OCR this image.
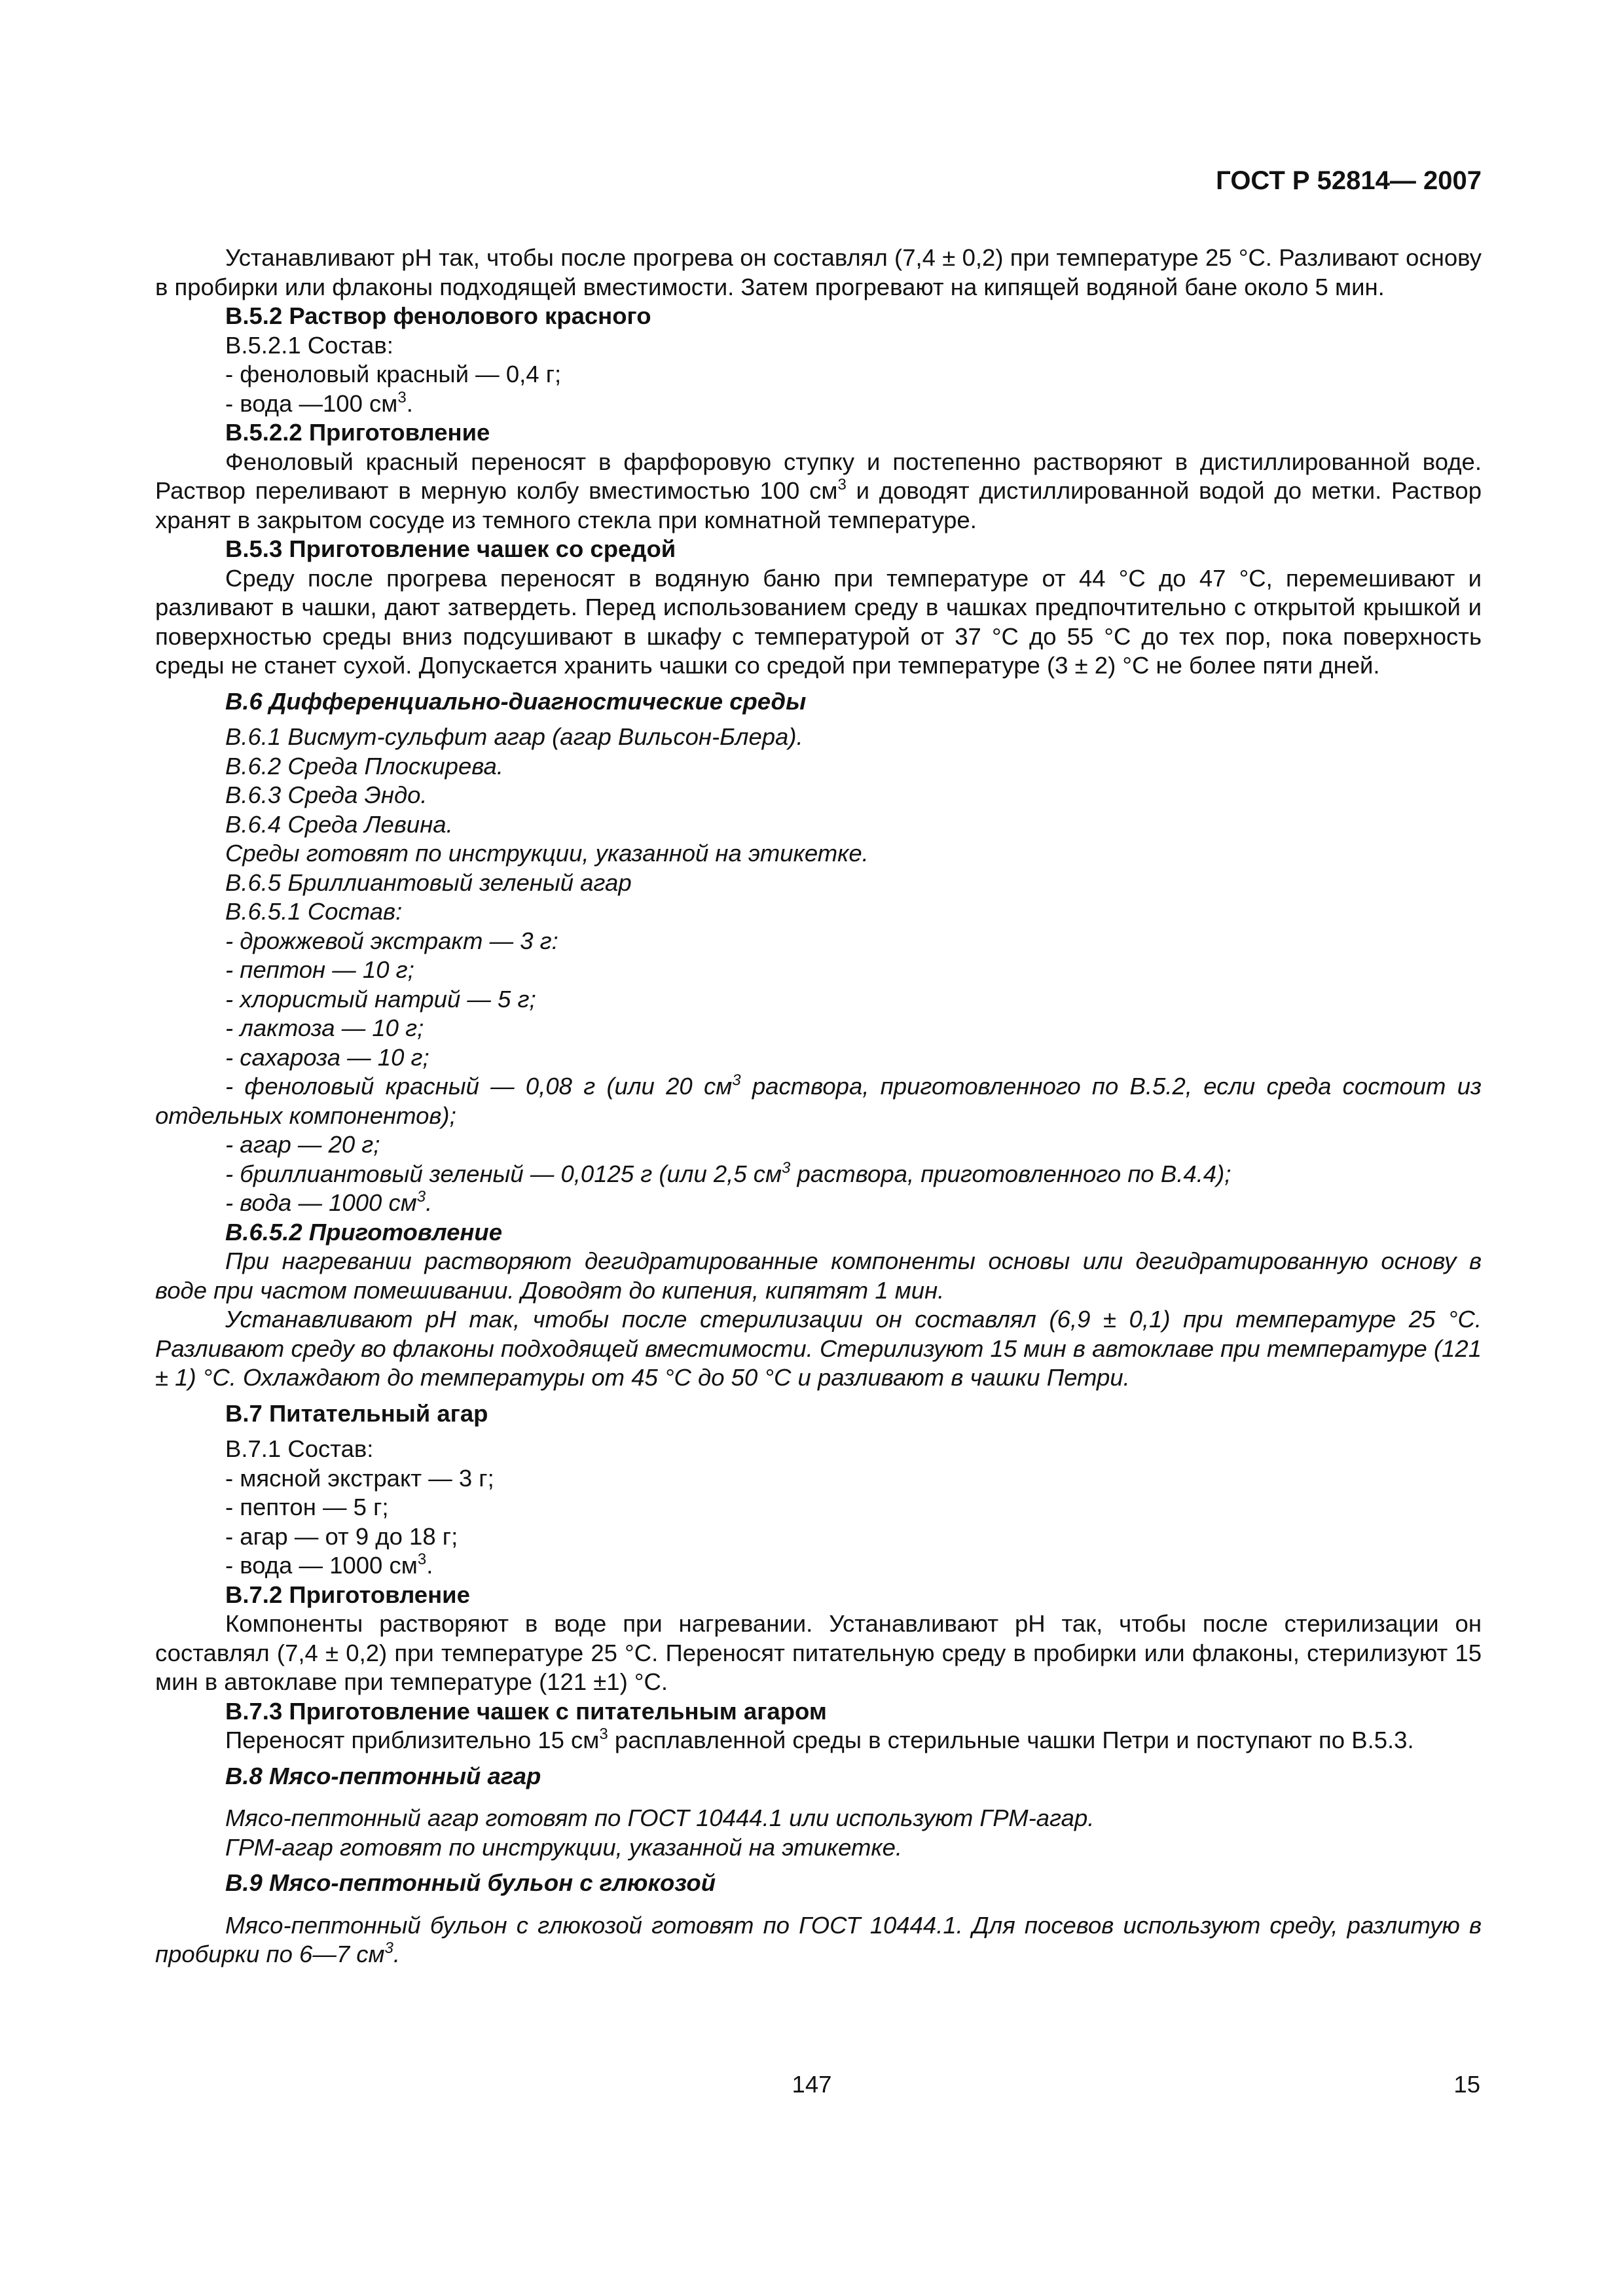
ГОСТ Р 52814— 2007

Устанавливают pH так, чтобы после прогрева он составлял (7,4 ± 0,2) при температуре 25 °С. Разливают основу в пробирки или флаконы подходящей вместимости. Затем прогревают на кипящей водяной бане около 5 мин.

В.5.2 Раствор фенолового красного

В.5.2.1 Состав:

- феноловый красный — 0,4 г;

- вода —100 $см^3$.

В.5.2.2 Приготовление

Феноловый красный переносят в фарфоровую ступку и постепенно растворяют в дистиллированной воде. Раствор переливают в мерную колбу вместимостью 100 $см^3$ и доводят дистиллированной водой до метки. Раствор хранят в закрытом сосуде из темного стекла при комнатной температуре.

В.5.3 Приготовление чашек со средой

Среду после прогрева переносят в водяную баню при температуре от 44 °С до 47 °С, перемешивают и разливают в чашки, дают затвердеть. Перед использованием среду в чашках предпочтительно с открытой крышкой и поверхностью среды вниз подсушивают в шкафу с температурой от 37 °С до 55 °С до тех пор, пока поверхность среды не станет сухой. Допускается хранить чашки со средой при температуре (3 ± 2) °С не более пяти дней.

В.6 Дифференциально-диагностические среды

В.6.1 Висмут-сульфит агар (агар Вильсон-Блера).

В.6.2 Среда Плоскирева.

В.6.3 Среда Эндо.

В.6.4 Среда Левина.

Среды готовят по инструкции, указанной на этикетке.

В.6.5 Бриллиантовый зеленый агар

В.6.5.1 Состав:

- дрожжевой экстракт — 3 г:

- пептон — 10 г;

- хлористый натрий — 5 г;

- лактоза — 10 г;

- сахароза — 10 г;

- феноловый красный — 0,08 г (или 20 $см^3$ раствора, приготовленного по В.5.2, если среда состоит из отдельных компонентов);

- агар — 20 г;

- бриллиантовый зеленый — 0,0125 г (или 2,5 $см^3$ раствора, приготовленного по В.4.4);

- вода — 1000 $см^3$.

В.6.5.2 Приготовление

При нагревании растворяют дегидратированные компоненты основы или дегидратированную основу в воде при частом помешивании. Доводят до кипения, кипятят 1 мин.

Устанавливают pH так, чтобы после стерилизации он составлял (6,9 ± 0,1) при температуре 25 °С. Разливают среду во флаконы подходящей вместимости. Стерилизуют 15 мин в автоклаве при температуре (121 ± 1) °С. Охлаждают до температуры от 45 °С до 50 °С и разливают в чашки Петри.

В.7 Питательный агар

В.7.1 Состав:

- мясной экстракт — 3 г;

- пептон — 5 г;

- агар — от 9 до 18 г;

- вода — 1000 $см^3$.

В.7.2 Приготовление

Компоненты растворяют в воде при нагревании. Устанавливают pH так, чтобы после стерилизации он составлял (7,4 ± 0,2) при температуре 25 °С. Переносят питательную среду в пробирки или флаконы, стерилизуют 15 мин в автоклаве при температуре (121 ±1) °С.

В.7.3 Приготовление чашек с питательным агаром

Переносят приблизительно 15 $см^3$ расплавленной среды в стерильные чашки Петри и поступают по В.5.3.

В.8 Мясо-пептонный агар

Мясо-пептонный агар готовят по ГОСТ 10444.1 или используют ГРМ-агар.

ГРМ-агар готовят по инструкции, указанной на этикетке.

В.9 Мясо-пептонный бульон с глюкозой

Мясо-пептонный бульон с глюкозой готовят по ГОСТ 10444.1. Для посевов используют среду, разлитую в пробирки по 6—7 $см^3$.

147	15
